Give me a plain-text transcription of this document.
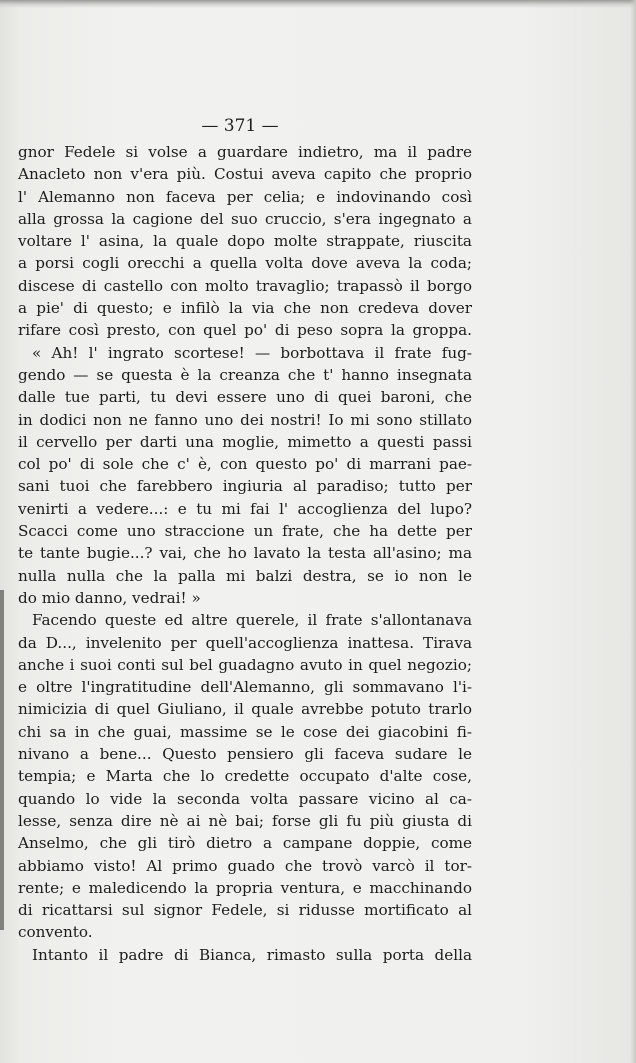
— 371 —
gnor Fedele si volse a guardare indietro, ma il padre
Anacleto non v'era più. Costui aveva capito che proprio
l' Alemanno non faceva per celia; e indovinando così
alla grossa la cagione del suo cruccio, s'era ingegnato a
voltare l' asina, la quale dopo molte strappate, riuscita
a porsi cogli orecchi a quella volta dove aveva la coda;
discese di castello con molto travaglio; trapassò il borgo
a pie' di questo; e infilò la via che non credeva dover
rifare così presto, con quel po' di peso sopra la groppa.
« Ah! l' ingrato scortese! — borbottava il frate fug-
gendo — se questa è la creanza che t' hanno insegnata
dalle tue parti, tu devi essere uno di quei baroni, che
in dodici non ne fanno uno dei nostri! Io mi sono stillato
il cervello per darti una moglie, mimetto a questi passi
col po' di sole che c' è, con questo po' di marrani pae-
sani tuoi che farebbero ingiuria al paradiso; tutto per
venirti a vedere...: e tu mi fai l' accoglienza del lupo?
Scacci come uno straccione un frate, che ha dette per
te tante bugie...? vai, che ho lavato la testa all'asino; ma
nulla nulla che la palla mi balzi destra, se io non le
do mio danno, vedrai! »
Facendo queste ed altre querele, il frate s'allontanava
da D..., invelenito per quell'accoglienza inattesa. Tirava
anche i suoi conti sul bel guadagno avuto in quel negozio;
e oltre l'ingratitudine dell'Alemanno, gli sommavano l'i-
nimicizia di quel Giuliano, il quale avrebbe potuto trarlo
chi sa in che guai, massime se le cose dei giacobini fi-
nivano a bene... Questo pensiero gli faceva sudare le
tempia; e Marta che lo credette occupato d'alte cose,
quando lo vide la seconda volta passare vicino al ca-
lesse, senza dire nè ai nè bai; forse gli fu più giusta di
Anselmo, che gli tirò dietro a campane doppie, come
abbiamo visto! Al primo guado che trovò varcò il tor-
rente; e maledicendo la propria ventura, e macchinando
di ricattarsi sul signor Fedele, si ridusse mortificato al
convento.
Intanto il padre di Bianca, rimasto sulla porta della
